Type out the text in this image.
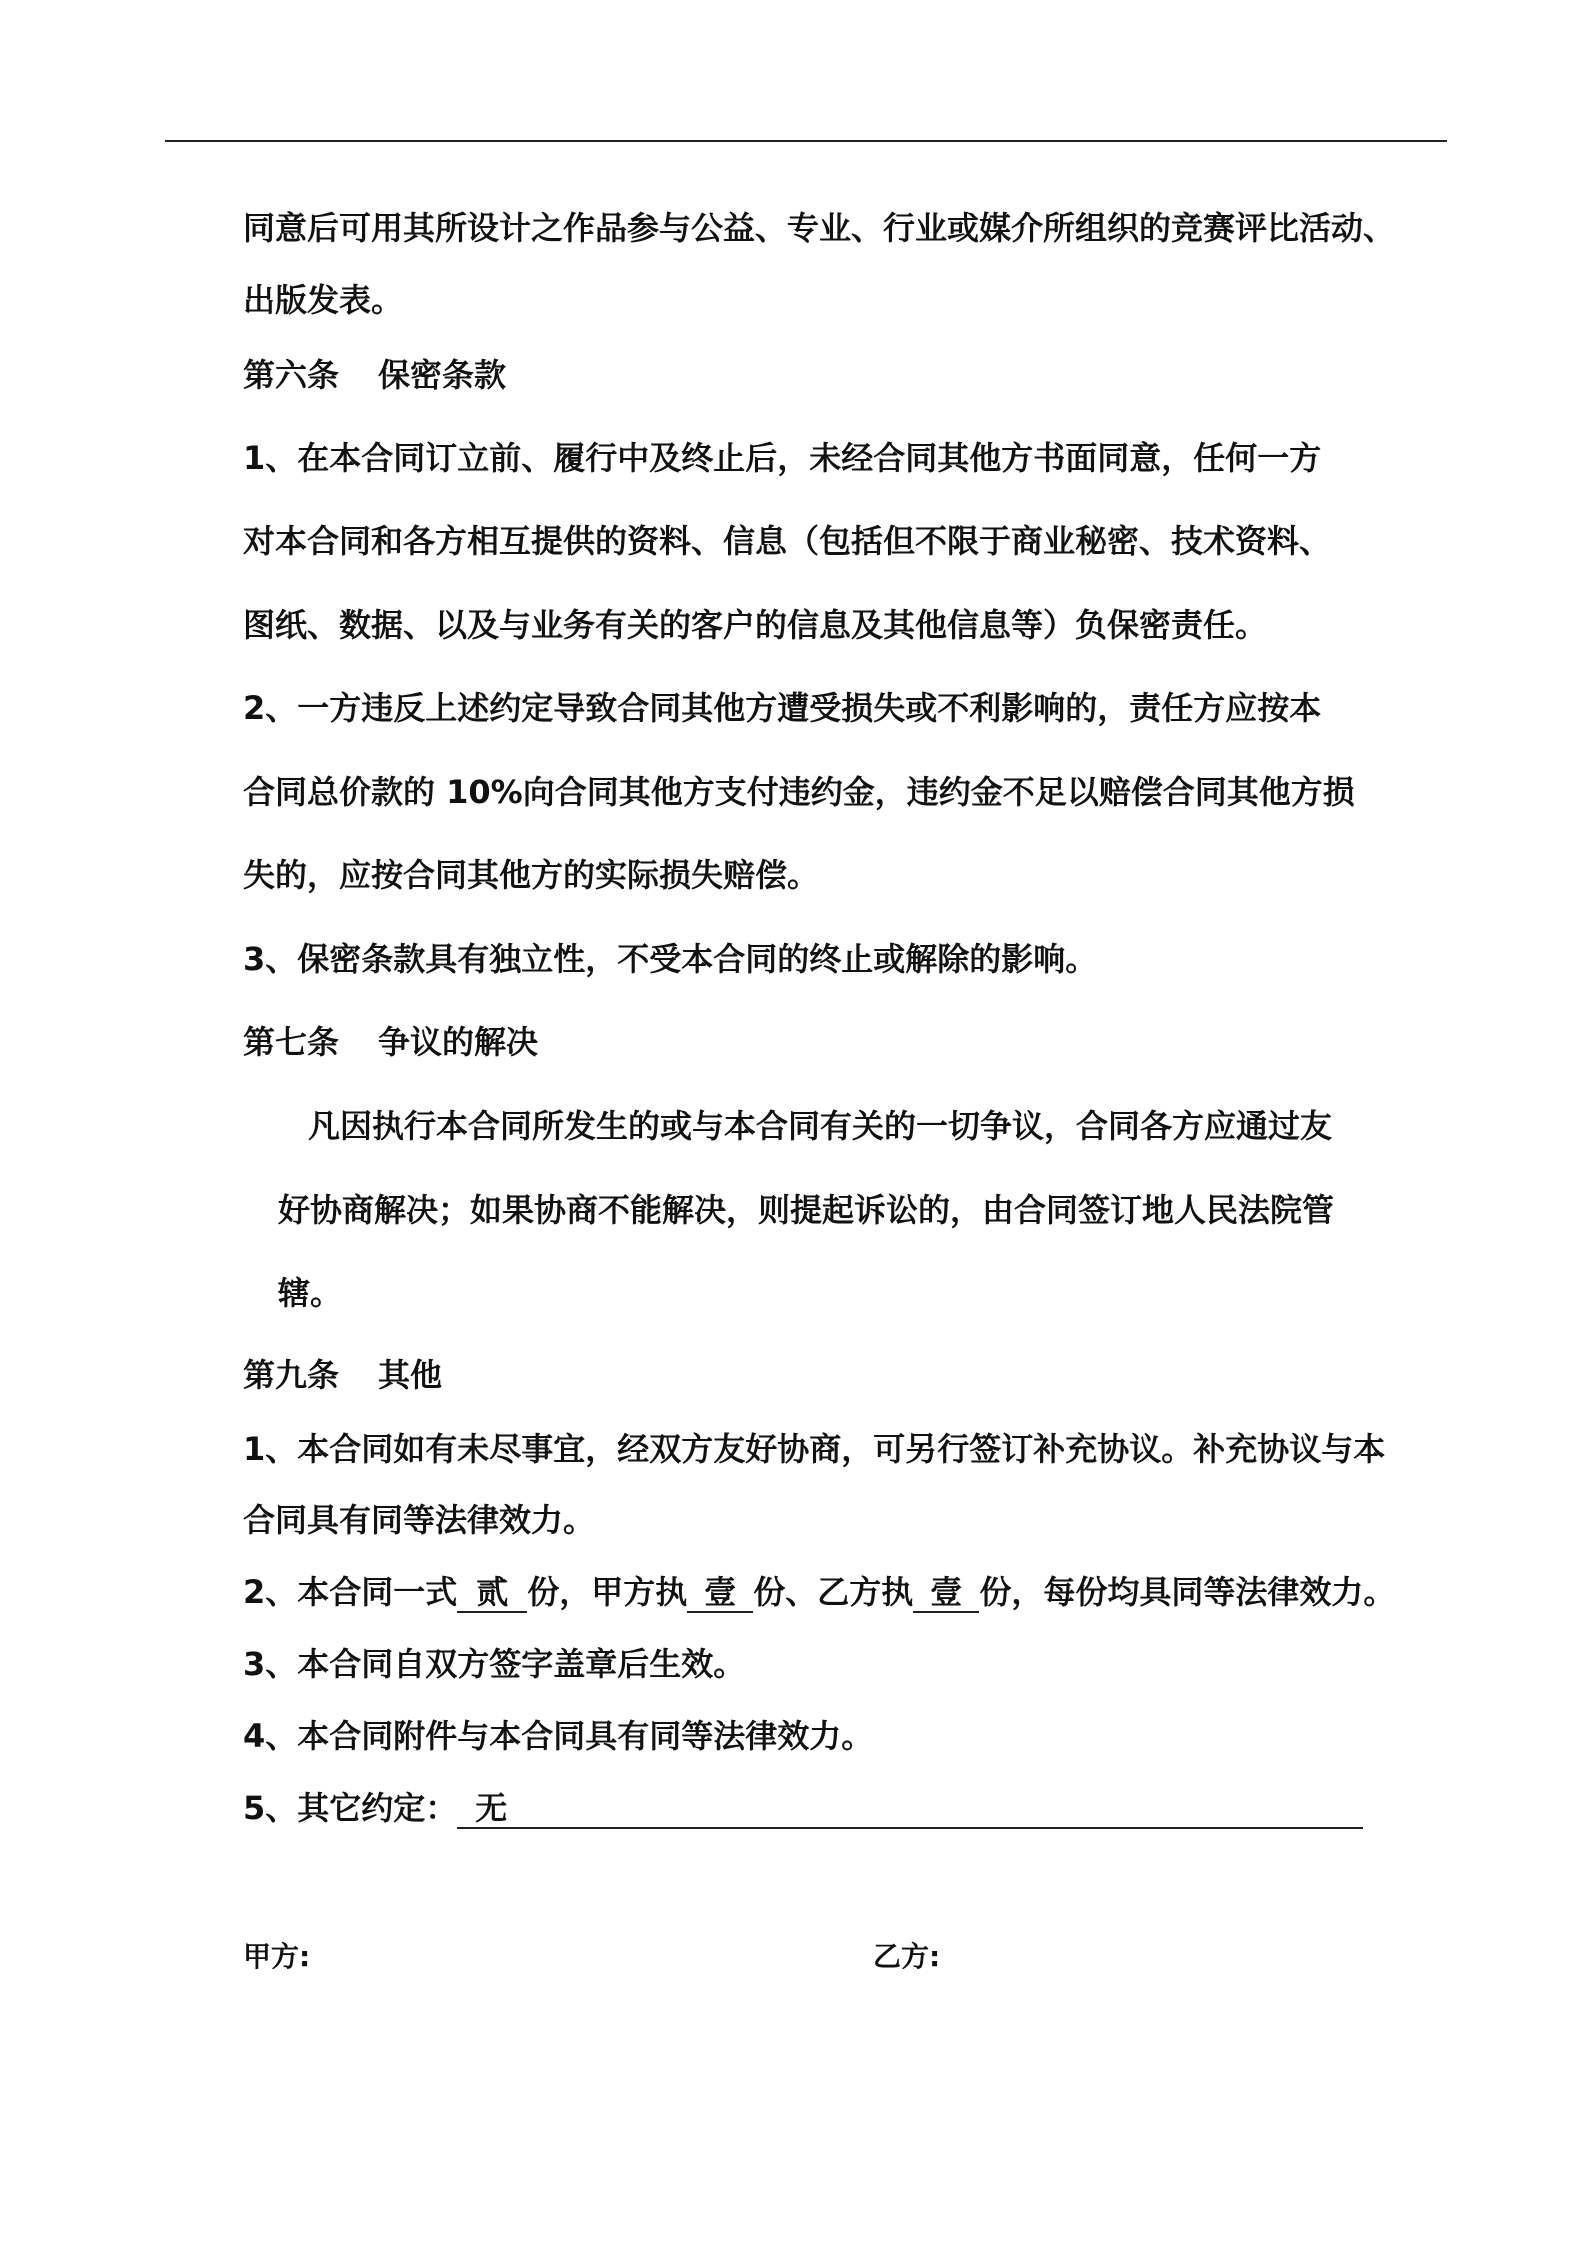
同意后可用其所设计之作品参与公益、专业、行业或媒介所组织的竞赛评比活动、
出版发表。
第六条 保密条款
1、在本合同订立前、履行中及终止后，未经合同其他方书面同意，任何一方
对本合同和各方相互提供的资料、信息（包括但不限于商业秘密、技术资料、
图纸、数据、以及与业务有关的客户的信息及其他信息等）负保密责任。
2、一方违反上述约定导致合同其他方遭受损失或不利影响的，责任方应按本
合同总价款的 10%向合同其他方支付违约金，违约金不足以赔偿合同其他方损
失的，应按合同其他方的实际损失赔偿。
3、保密条款具有独立性，不受本合同的终止或解除的影响。
第七条 争议的解决
凡因执行本合同所发生的或与本合同有关的一切争议，合同各方应通过友
好协商解决；如果协商不能解决，则提起诉讼的，由合同签订地人民法院管
辖。
第九条 其他
1、本合同如有未尽事宜，经双方友好协商，可另行签订补充协议。补充协议与本
合同具有同等法律效力。
2、本合同一式 贰 份，甲方执 壹 份、乙方执 壹 份，每份均具同等法律效力。
3、本合同自双方签字盖章后生效。
4、本合同附件与本合同具有同等法律效力。
5、其它约定： 无
甲方:	乙方:
